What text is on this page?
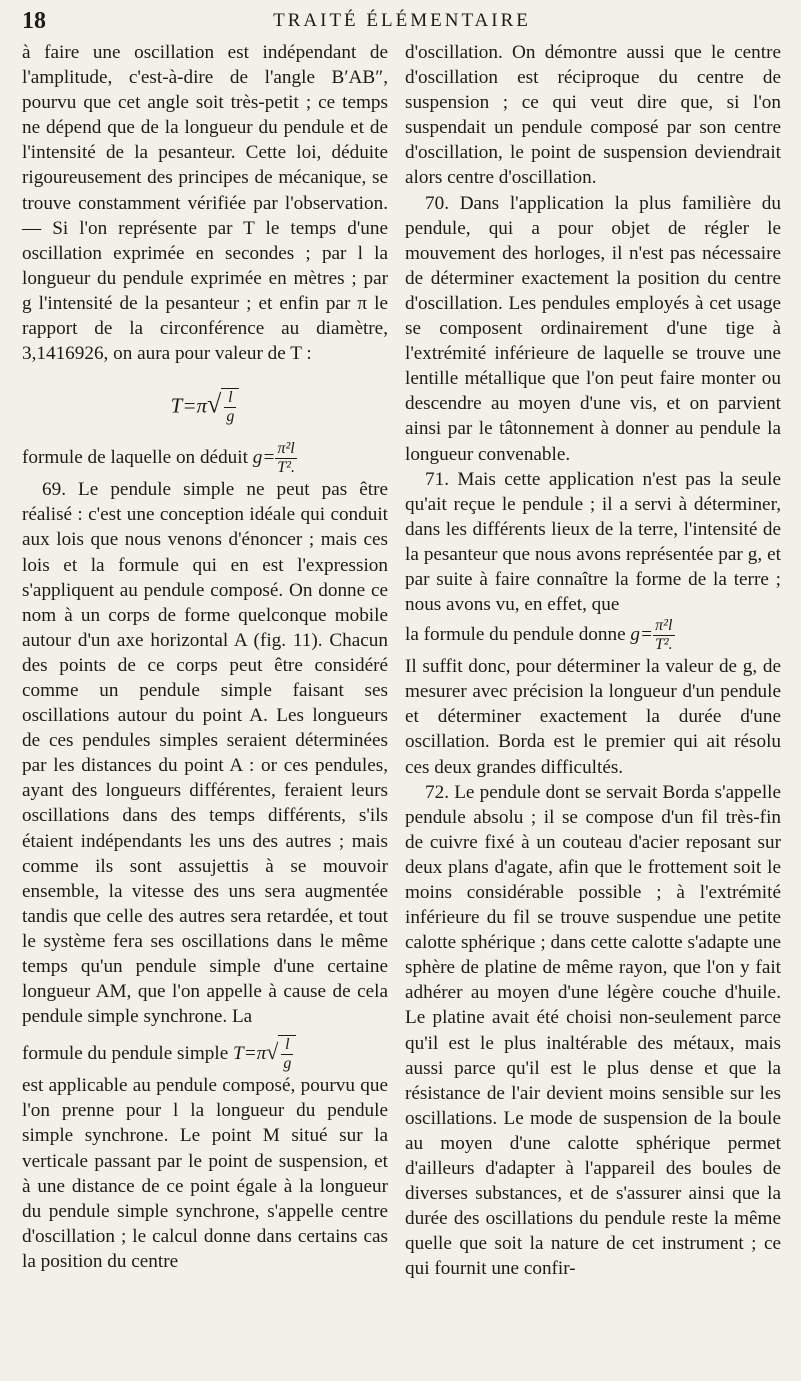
18	TRAITÉ ÉLÉMENTAIRE

à faire une oscillation est indépendant de l'amplitude, c'est-à-dire de l'angle B′AB″, pourvu que cet angle soit très-petit ; ce temps ne dépend que de la longueur du pendule et de l'intensité de la pesanteur. Cette loi, déduite rigoureusement des principes de mécanique, se trouve constamment vérifiée par l'observation. — Si l'on représente par T le temps d'une oscillation exprimée en secondes ; par l la longueur du pendule exprimée en mètres ; par g l'intensité de la pesanteur ; et enfin par π le rapport de la circonférence au diamètre, 3,1416926, on aura pour valeur de T :

$T=\pi√ \frac{l}{g}$

formule de laquelle on déduit $g= \frac{\text{π²l}}{\text{T².}}$

69. Le pendule simple ne peut pas être réalisé : c'est une conception idéale qui conduit aux lois que nous venons d'énoncer ; mais ces lois et la formule qui en est l'expression s'appliquent au pendule composé. On donne ce nom à un corps de forme quelconque mobile autour d'un axe horizontal A (fig. 11). Chacun des points de ce corps peut être considéré comme un pendule simple faisant ses oscillations autour du point A. Les longueurs de ces pendules simples seraient déterminées par les distances du point A : or ces pendules, ayant des longueurs différentes, feraient leurs oscillations dans des temps différents, s'ils étaient indépendants les uns des autres ; mais comme ils sont assujettis à se mouvoir ensemble, la vitesse des uns sera augmentée tandis que celle des autres sera retardée, et tout le système fera ses oscillations dans le même temps qu'un pendule simple d'une certaine longueur AM, que l'on appelle à cause de cela pendule simple synchrone. La

formule du pendule simple $T=\pi√ \frac{l}{g}$

est applicable au pendule composé, pourvu que l'on prenne pour l la longueur du pendule simple synchrone. Le point M situé sur la verticale passant par le point de suspension, et à une distance de ce point égale à la longueur du pendule simple synchrone, s'appelle centre d'oscillation ; le calcul donne dans certains cas la position du centre

d'oscillation. On démontre aussi que le centre d'oscillation est réciproque du centre de suspension ; ce qui veut dire que, si l'on suspendait un pendule composé par son centre d'oscillation, le point de suspension deviendrait alors centre d'oscillation.

70. Dans l'application la plus familière du pendule, qui a pour objet de régler le mouvement des horloges, il n'est pas nécessaire de déterminer exactement la position du centre d'oscillation. Les pendules employés à cet usage se composent ordinairement d'une tige à l'extrémité inférieure de laquelle se trouve une lentille métallique que l'on peut faire monter ou descendre au moyen d'une vis, et on parvient ainsi par le tâtonnement à donner au pendule la longueur convenable.

71. Mais cette application n'est pas la seule qu'ait reçue le pendule ; il a servi à déterminer, dans les différents lieux de la terre, l'intensité de la pesanteur que nous avons représentée par g, et par suite à faire connaître la forme de la terre ; nous avons vu, en effet, que

la formule du pendule donne $g= \frac{\text{π²l}}{\text{T².}}$

Il suffit donc, pour déterminer la valeur de g, de mesurer avec précision la longueur d'un pendule et déterminer exactement la durée d'une oscillation. Borda est le premier qui ait résolu ces deux grandes difficultés.

72. Le pendule dont se servait Borda s'appelle pendule absolu ; il se compose d'un fil très-fin de cuivre fixé à un couteau d'acier reposant sur deux plans d'agate, afin que le frottement soit le moins considérable possible ; à l'extrémité inférieure du fil se trouve suspendue une petite calotte sphérique ; dans cette calotte s'adapte une sphère de platine de même rayon, que l'on y fait adhérer au moyen d'une légère couche d'huile. Le platine avait été choisi non-seulement parce qu'il est le plus inaltérable des métaux, mais aussi parce qu'il est le plus dense et que la résistance de l'air devient moins sensible sur les oscillations. Le mode de suspension de la boule au moyen d'une calotte sphérique permet d'ailleurs d'adapter à l'appareil des boules de diverses substances, et de s'assurer ainsi que la durée des oscillations du pendule reste la même quelle que soit la nature de cet instrument ; ce qui fournit une confir-
